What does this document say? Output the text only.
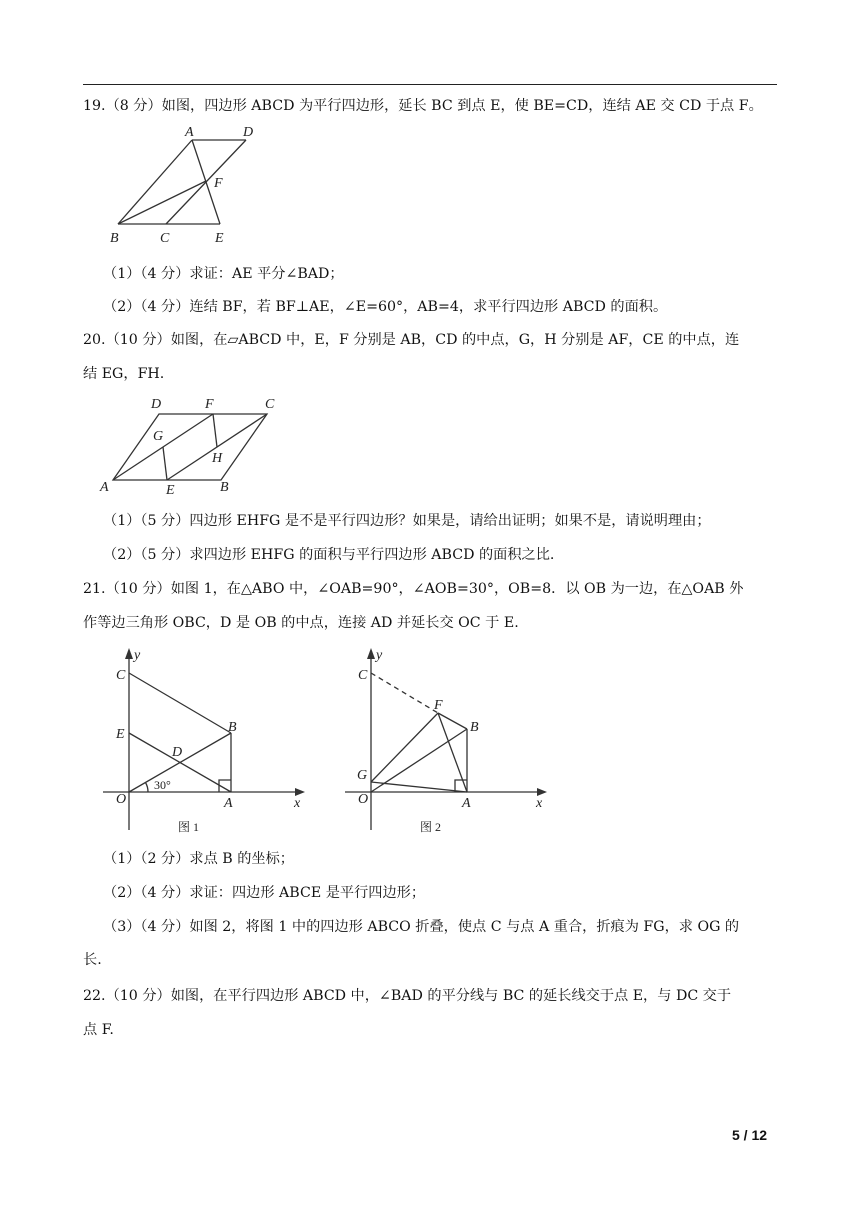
19.（8 分）如图，四边形 ABCD 为平行四边形，延长 BC 到点 E，使 BE=CD，连结 AE 交 CD 于点 F。
A	D
F
B	C	E
（1）（4 分）求证：AE 平分∠BAD；
（2）（4 分）连结 BF，若 BF⊥AE，∠E=60°，AB=4，求平行四边形 ABCD 的面积。
20.（10 分）如图，在▱ABCD 中，E，F 分别是 AB，CD 的中点，G，H 分别是 AF，CE 的中点，连
结 EG，FH.
D	F	C
G
H
A	E	B
（1）（5 分）四边形 EHFG 是不是平行四边形？如果是，请给出证明；如果不是，请说明理由；
（2）（5 分）求四边形 EHFG 的面积与平行四边形 ABCD 的面积之比.
21.（10 分）如图 1，在△ABO 中，∠OAB=90°，∠AOB=30°，OB=8．以 OB 为一边，在△OAB 外
作等边三角形 OBC，D 是 OB 的中点，连接 AD 并延长交 OC 于 E.
y
C
E
D
B
O
30°
A	x
图 1
y
C
F
B
G
O	A	x
图 2
（1）（2 分）求点 B 的坐标；
（2）（4 分）求证：四边形 ABCE 是平行四边形；
（3）（4 分）如图 2，将图 1 中的四边形 ABCO 折叠，使点 C 与点 A 重合，折痕为 FG，求 OG 的
长.
22.（10 分）如图，在平行四边形 ABCD 中，∠BAD 的平分线与 BC 的延长线交于点 E，与 DC 交于
点 F.
5 / 12
